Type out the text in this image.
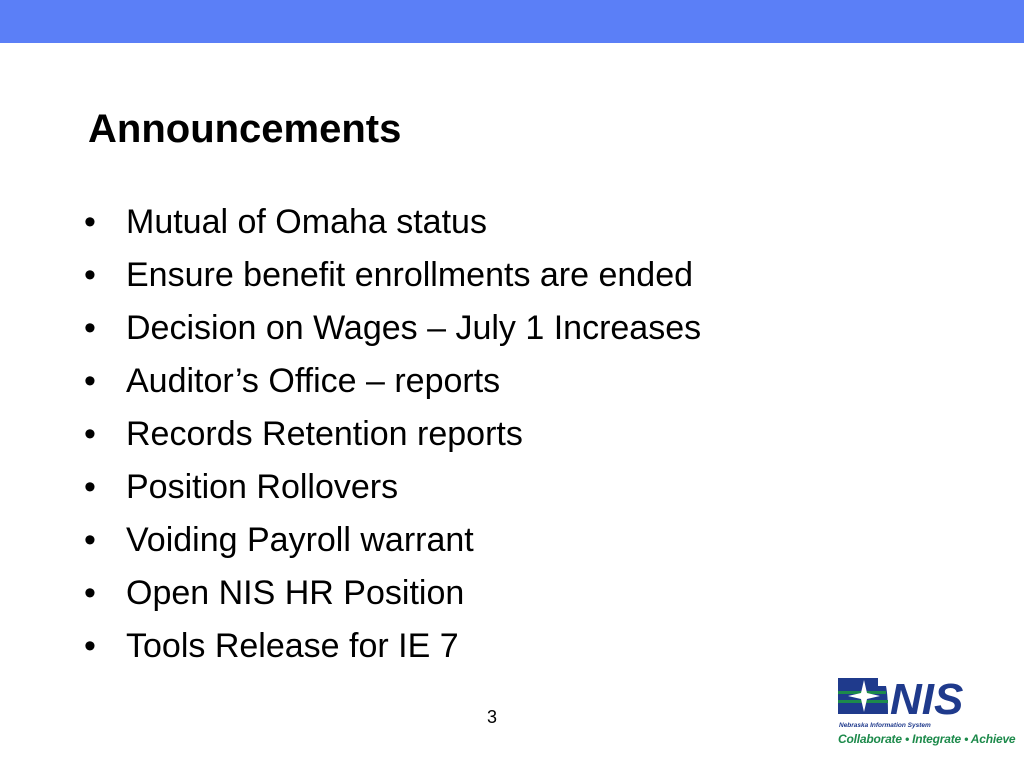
Announcements
• Mutual of Omaha status
• Ensure benefit enrollments are ended
• Decision on Wages – July 1 Increases
• Auditor’s Office – reports
• Records Retention reports
• Position Rollovers
• Voiding Payroll warrant
• Open NIS HR Position
• Tools Release for IE 7
3	NIS
Nebraska Information System
Collaborate • Integrate • Achieve
